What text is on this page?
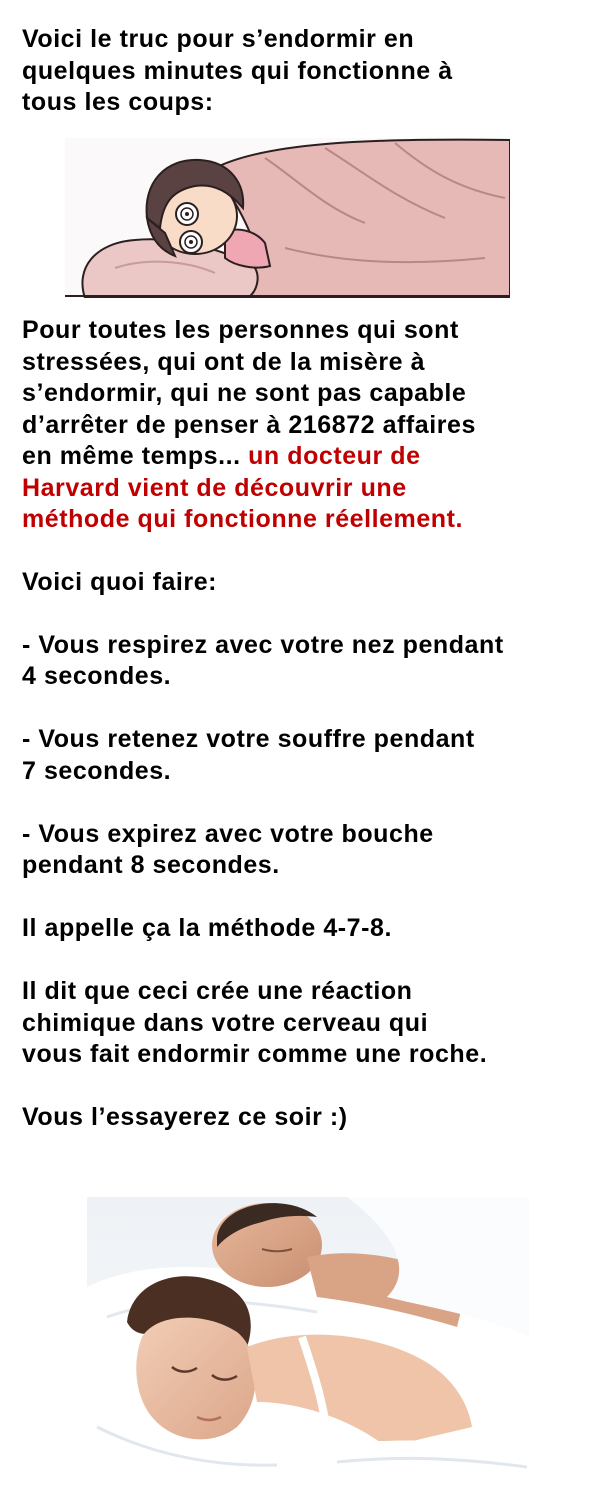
Voici le truc pour s’endormir en

quelques minutes qui fonctionne à

tous les coups:

Pour toutes les personnes qui sont

stressées, qui ont de la misère à

s’endormir, qui ne sont pas capable

d’arrêter de penser à 216872 affaires

en même temps... un docteur de

Harvard vient de découvrir une

méthode qui fonctionne réellement.

Voici quoi faire:

- Vous respirez avec votre nez pendant

4 secondes.

- Vous retenez votre souffre pendant

7 secondes.

- Vous expirez avec votre bouche

pendant 8 secondes.

Il appelle ça la méthode 4-7-8.

Il dit que ceci crée une réaction

chimique dans votre cerveau qui

vous fait endormir comme une roche.

Vous l’essayerez ce soir :)
